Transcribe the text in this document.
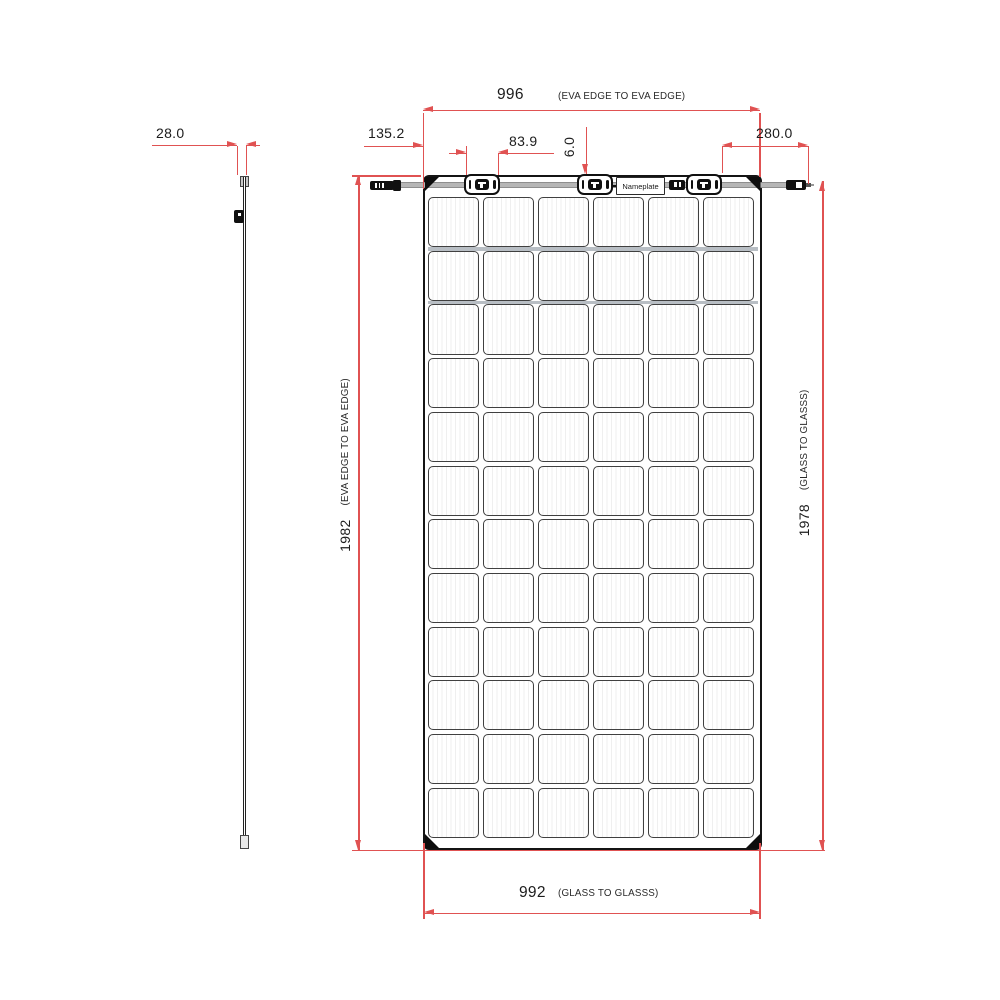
28.0
Nameplate
996	(EVA EDGE TO EVA EDGE)
135.2	83.9 6.0
280.0
1982
(EVA EDGE TO EVA EDGE)
1978
(GLASS TO GLASSS)
992 (GLASS TO GLASSS)
